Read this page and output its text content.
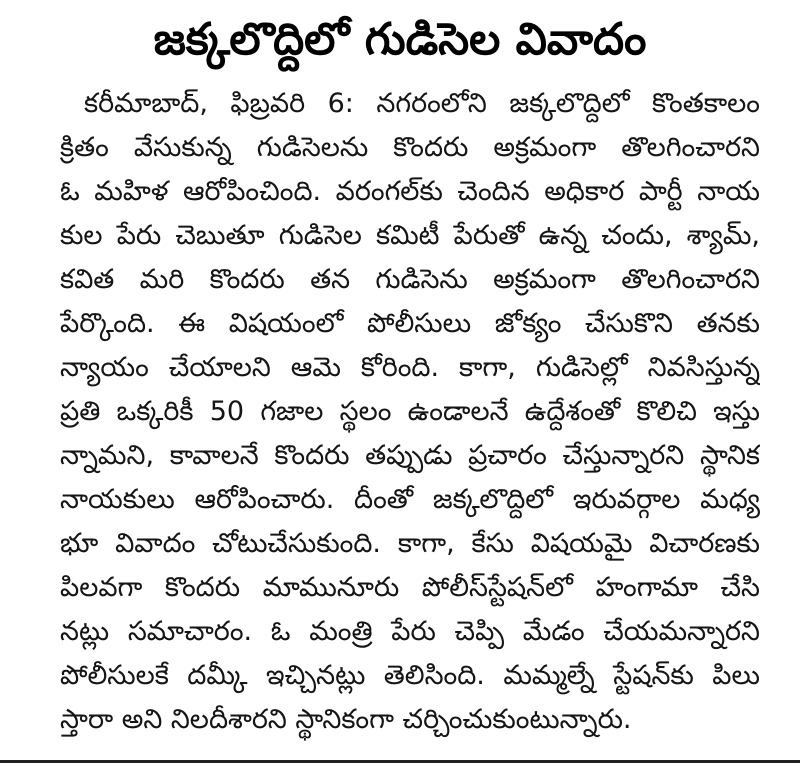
జక్కలొద్దిలో గుడిసెల వివాదం
కరీమాబాద్, ఫిబ్రవరి 6: నగరంలోని జక్కలొద్దిలో కొంతకాలం
క్రితం వేసుకున్న గుడిసెలను కొందరు అక్రమంగా తొలగించారని
ఓ మహిళ ఆరోపించింది. వరంగల్‌కు చెందిన అధికార పార్టీ నాయ
కుల పేరు చెబుతూ గుడిసెల కమిటీ పేరుతో ఉన్న చందు, శ్యామ్,
కవిత మరి కొందరు తన గుడిసెను అక్రమంగా తొలగించారని
పేర్కొంది. ఈ విషయంలో పోలీసులు జోక్యం చేసుకొని తనకు
న్యాయం చేయాలని ఆమె కోరింది. కాగా, గుడిసెల్లో నివసిస్తున్న
ప్రతి ఒక్కరికీ 50 గజాల స్థలం ఉండాలనే ఉద్దేశంతో కొలిచి ఇస్తు
న్నామని, కావాలనే కొందరు తప్పుడు ప్రచారం చేస్తున్నారని స్థానిక
నాయకులు ఆరోపించారు. దీంతో జక్కలొద్దిలో ఇరువర్గాల మధ్య
భూ వివాదం చోటుచేసుకుంది. కాగా, కేసు విషయమై విచారణకు
పిలవగా కొందరు మామునూరు పోలీస్‌స్టేషన్‌లో హంగామా చేసి
నట్లు సమాచారం. ఓ మంత్రి పేరు చెప్పి మేడం చేయమన్నారని
పోలీసులకే దమ్కీ ఇచ్చినట్లు తెలిసింది. మమ్మల్నే స్టేషన్‌కు పిలు
స్తారా అని నిలదీశారని స్థానికంగా చర్చించుకుంటున్నారు.
